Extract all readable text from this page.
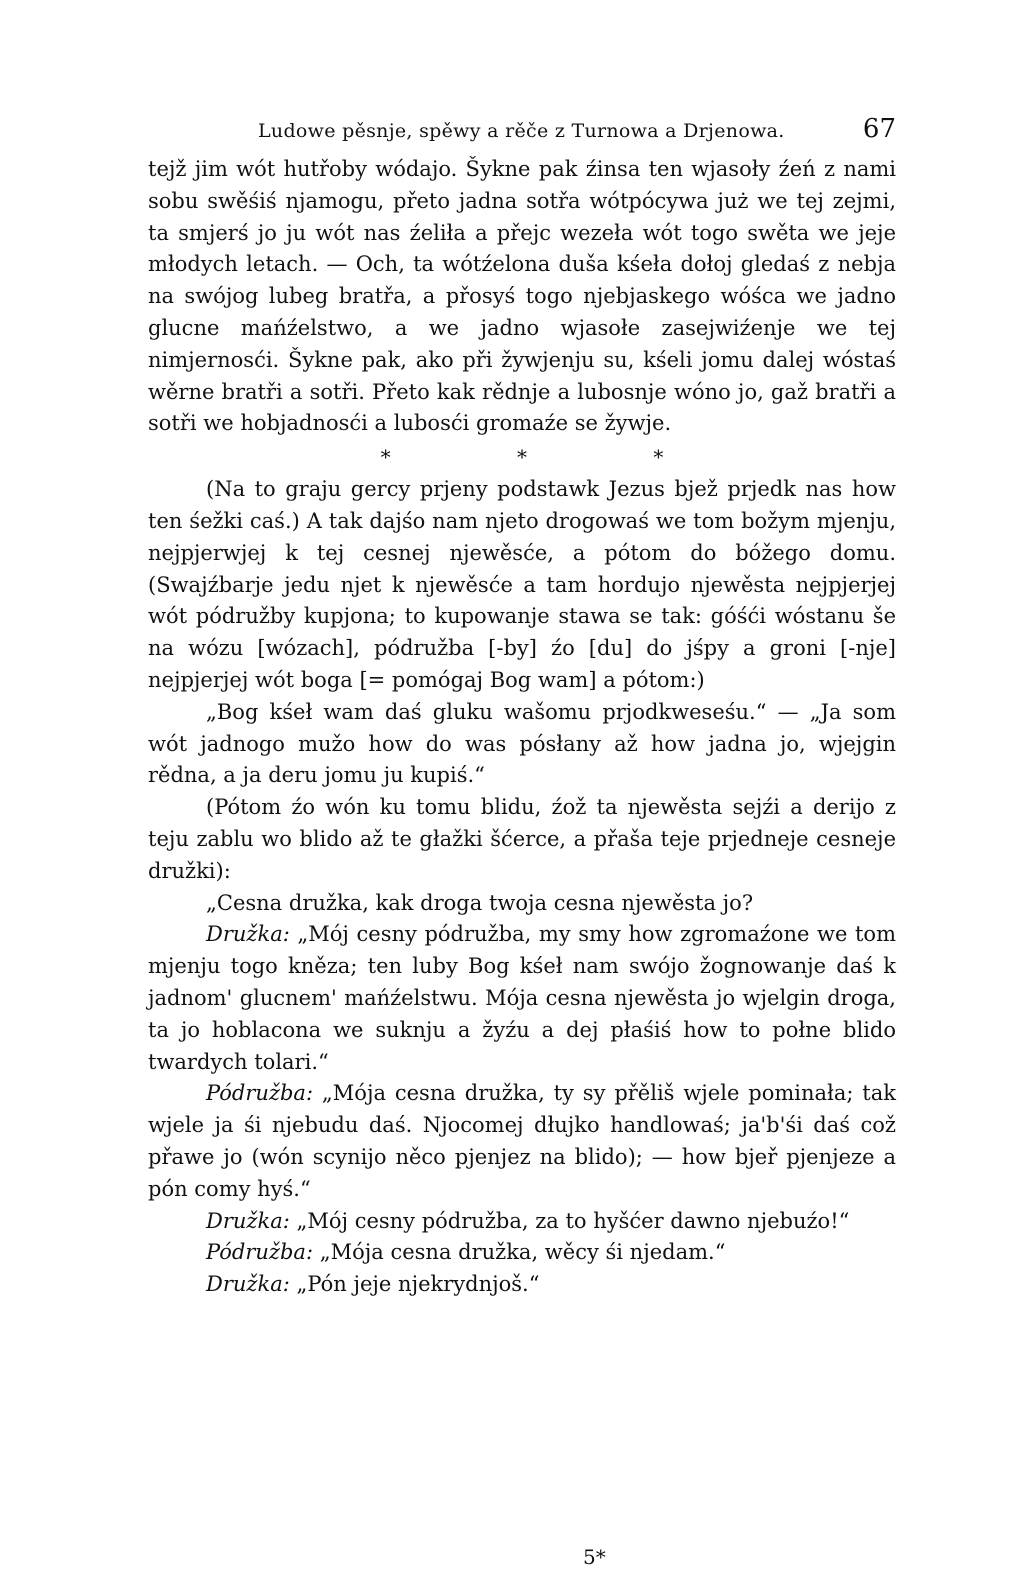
Ludowe pěsnje, spěwy a rěče z Turnowa a Drjenowa.	67

tejž jim wót hutřoby wódajo. Šykne pak źinsa ten wjasoły źeń z nami sobu swěśiś njamogu, přeto jadna sotřa wótpócywa już we tej zejmi, ta smjerś jo ju wót nas źeliła a přejc wezeła wót togo swěta we jeje młodych letach. — Och, ta wótźelona duša kśeła dołoj gledaś z nebja na swójog lubeg bratřa, a přosyś togo njebjaskego wóśca we jadno glucne mańźelstwo, a we jadno wjasołe zasejwiźenje we tej nimjernosći. Šykne pak, ako při žywjenju su, kśeli jomu dalej wóstaś wěrne bratři a sotři. Přeto kak rědnje a lubosnje wóno jo, gaž bratři a sotři we hobjadnosći a lubosći gromaźe se žywje.

* * *

(Na to graju gercy prjeny podstawk Jezus bjež prjedk nas how ten śežki caś.) A tak dajśo nam njeto drogowaś we tom božym mjenju, nejpjerwjej k tej cesnej njewěsće, a pótom do bóžego domu. (Swajźbarje jedu njet k njewěsće a tam hordujo njewěsta nejpjerjej wót pódružby kupjona; to kupowanje stawa se tak: góśći wóstanu še na wózu [wózach], pódružba [-by] źo [du] do jśpy a groni [-nje] nejpjerjej wót boga [= pomógaj Bog wam] a pótom:)

„Bog kśeł wam daś gluku wašomu prjodkweseśu.“ — „Ja som wót jadnogo mužo how do was pósłany až how jadna jo, wjejgin rědna, a ja deru jomu ju kupiś.“

(Pótom źo wón ku tomu blidu, źož ta njewěsta sejźi a derijo z teju zablu wo blido až te głažki šćerce, a přaša teje prjedneje cesneje družki):

„Cesna družka, kak droga twoja cesna njewěsta jo?

Družka: „Mój cesny pódružba, my smy how zgromaźone we tom mjenju togo kněza; ten luby Bog kśeł nam swójo žognowanje daś k jadnom' glucnem' mańźelstwu. Mója cesna njewěsta jo wjelgin droga, ta jo hoblacona we suknju a žyźu a dej płaśiś how to połne blido twardych tolari.“

Pódružba: „Mója cesna družka, ty sy přěliš wjele pominała; tak wjele ja śi njebudu daś. Njocomej dłujko handlowaś; ja'b'śi daś což přawe jo (wón scynijo něco pjenjez na blido); — how bjeř pjenjeze a pón comy hyś.“

Družka: „Mój cesny pódružba, za to hyšćer dawno njebuźo!“

Pódružba: „Mója cesna družka, wěcy śi njedam.“

Družka: „Pón jeje njekrydnjoš.“

5*
